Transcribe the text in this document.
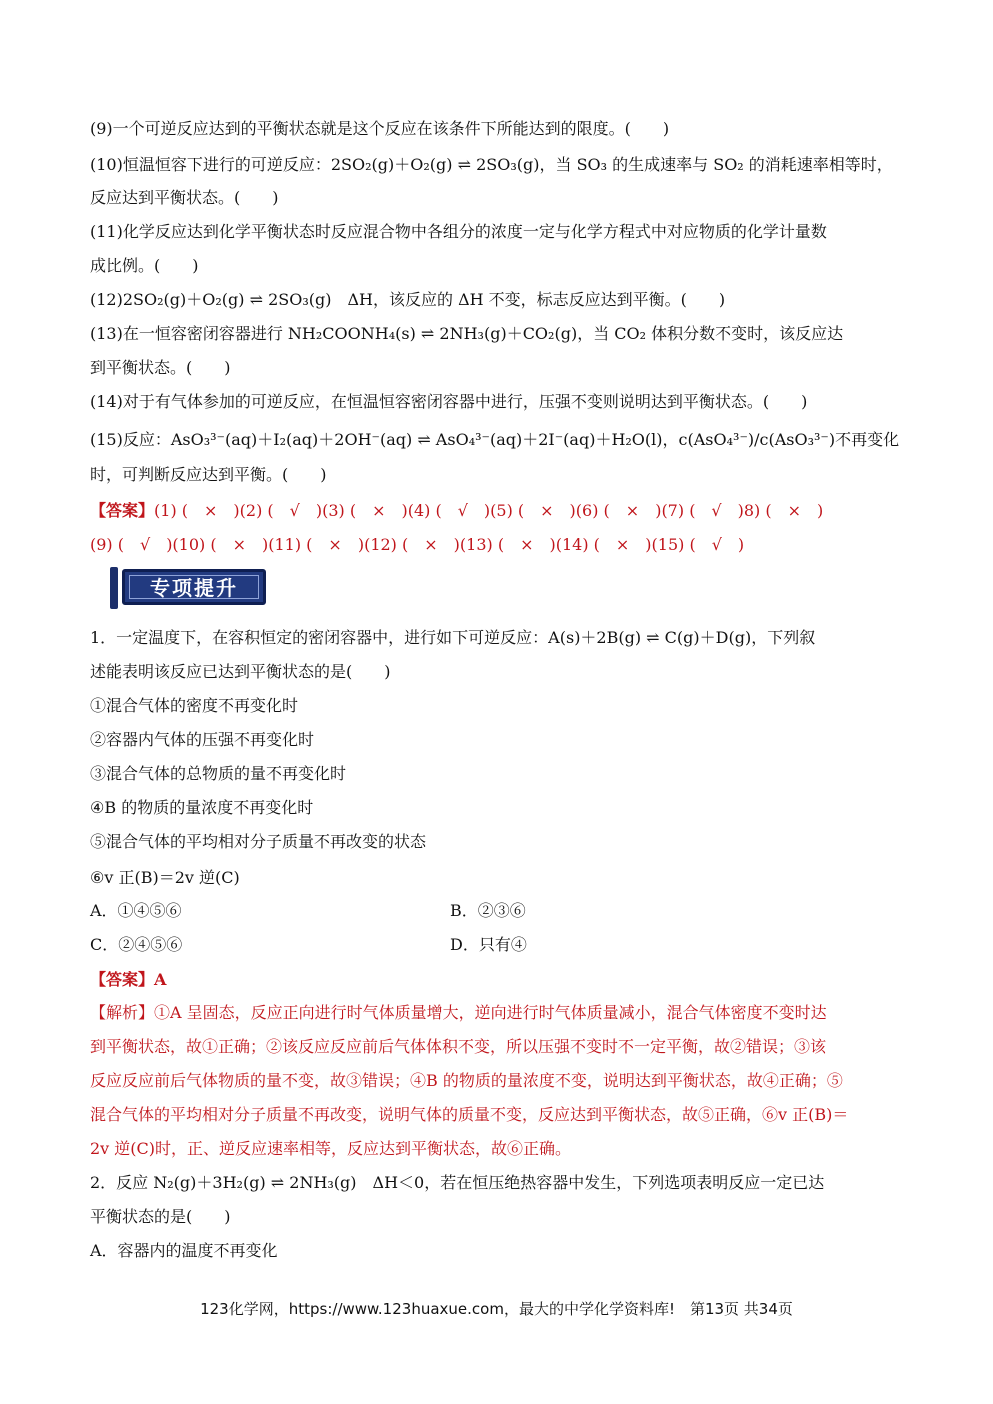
(9)一个可逆反应达到的平衡状态就是这个反应在该条件下所能达到的限度。(　　)
(10)恒温恒容下进行的可逆反应：2SO₂(g)＋O₂(g) ⇌ 2SO₃(g)，当 SO₃ 的生成速率与 SO₂ 的消耗速率相等时，
反应达到平衡状态。(　　)
(11)化学反应达到化学平衡状态时反应混合物中各组分的浓度一定与化学方程式中对应物质的化学计量数
成比例。(　　)
(12)2SO₂(g)＋O₂(g) ⇌ 2SO₃(g)　ΔH，该反应的 ΔH 不变，标志反应达到平衡。(　　)
(13)在一恒容密闭容器进行 NH₂COONH₄(s) ⇌ 2NH₃(g)＋CO₂(g)，当 CO₂ 体积分数不变时，该反应达
到平衡状态。(　　)
(14)对于有气体参加的可逆反应，在恒温恒容密闭容器中进行，压强不变则说明达到平衡状态。(　　)
(15)反应：AsO₃³⁻(aq)＋I₂(aq)＋2OH⁻(aq) ⇌ AsO₄³⁻(aq)＋2I⁻(aq)＋H₂O(l)，c(AsO₄³⁻)/c(AsO₃³⁻)不再变化
时，可判断反应达到平衡。(　　)
【答案】(1) (　×　)(2) (　√　)(3) (　×　)(4) (　√　)(5) (　×　)(6) (　×　)(7) (　√　)8) (　×　)
(9) (　√　)(10) (　×　)(11) (　×　)(12) (　×　)(13) (　×　)(14) (　×　)(15) (　√　)
专项提升
1．一定温度下，在容积恒定的密闭容器中，进行如下可逆反应：A(s)＋2B(g) ⇌ C(g)＋D(g)，下列叙
述能表明该反应已达到平衡状态的是(　　)
①混合气体的密度不再变化时
②容器内气体的压强不再变化时
③混合气体的总物质的量不再变化时
④B 的物质的量浓度不再变化时
⑤混合气体的平均相对分子质量不再改变的状态
⑥v 正(B)＝2v 逆(C)
A．①④⑤⑥	B．②③⑥
C．②④⑤⑥	D．只有④
【答案】A
【解析】①A 呈固态，反应正向进行时气体质量增大，逆向进行时气体质量减小，混合气体密度不变时达
到平衡状态，故①正确；②该反应反应前后气体体积不变，所以压强不变时不一定平衡，故②错误；③该
反应反应前后气体物质的量不变，故③错误；④B 的物质的量浓度不变，说明达到平衡状态，故④正确；⑤
混合气体的平均相对分子质量不再改变，说明气体的质量不变，反应达到平衡状态，故⑤正确，⑥v 正(B)＝
2v 逆(C)时，正、逆反应速率相等，反应达到平衡状态，故⑥正确。
2．反应 N₂(g)＋3H₂(g) ⇌ 2NH₃(g)　ΔH＜0，若在恒压绝热容器中发生，下列选项表明反应一定已达
平衡状态的是(　　)
A．容器内的温度不再变化
123化学网，https://www.123huaxue.com，最大的中学化学资料库!　第13页 共34页
